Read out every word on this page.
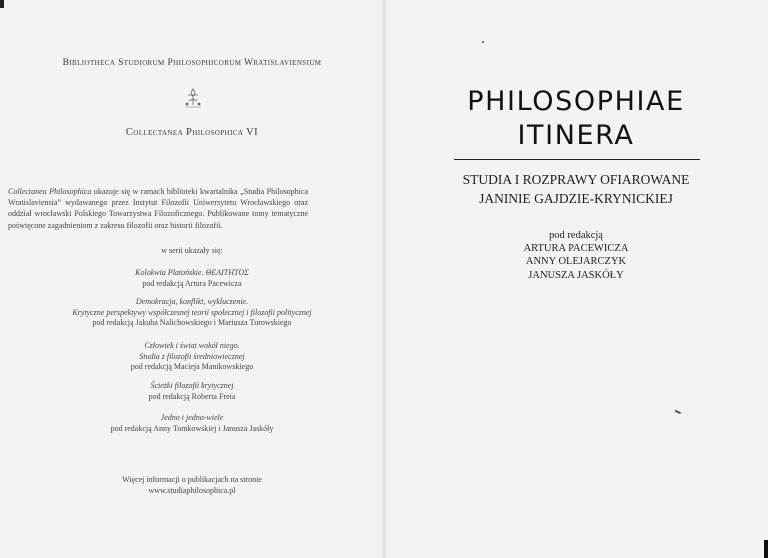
Bibliotheca Studiorum Philosophicorum Wratislaviensium
Collectanea Philosophica VI
Collectanea Philosophica ukazuje się w ramach biblioteki kwartalnika „Studia Philosophica Wratislaviensia” wydawanego przez Instytut Filozofii Uniwersytetu Wrocławskiego oraz oddział wrocławski Polskiego Towarzystwa Filozoficznego. Publikowane tomy tematyczne poświęcone zagadnieniom z zakresu filozofii oraz historii filozofii.
w serii ukazały się:
Kolokwia Platońskie. ΘΕΑΙΤΗΤΟΣ
pod redakcją Artura Pacewicza
Demokracja, konflikt, wykluczenie.
Krytyczne perspektywy współczesnej teorii społecznej i filozofii politycznej
pod redakcją Jakuba Nalichowskiego i Mariusza Turowskiego
Człowiek i świat wokół niego.
Studia z filozofii średniowiecznej
pod redakcją Macieja Manikowskiego
Ścieżki filozofii krytycznej
pod redakcją Roberta Freia
Jedno i jedno-wiele
pod redakcją Anny Tomkowskiej i Janusza Jaskóły
Więcej informacji o publikacjach na stronie
www.studiaphilosophica.pl
PHILOSOPHIAE
ITINERA
STUDIA I ROZPRAWY OFIAROWANE
JANINIE GAJDZIE-KRYNICKIEJ
pod redakcją
ARTURA PACEWICZA
ANNY OLEJARCZYK
JANUSZA JASKÓŁY
